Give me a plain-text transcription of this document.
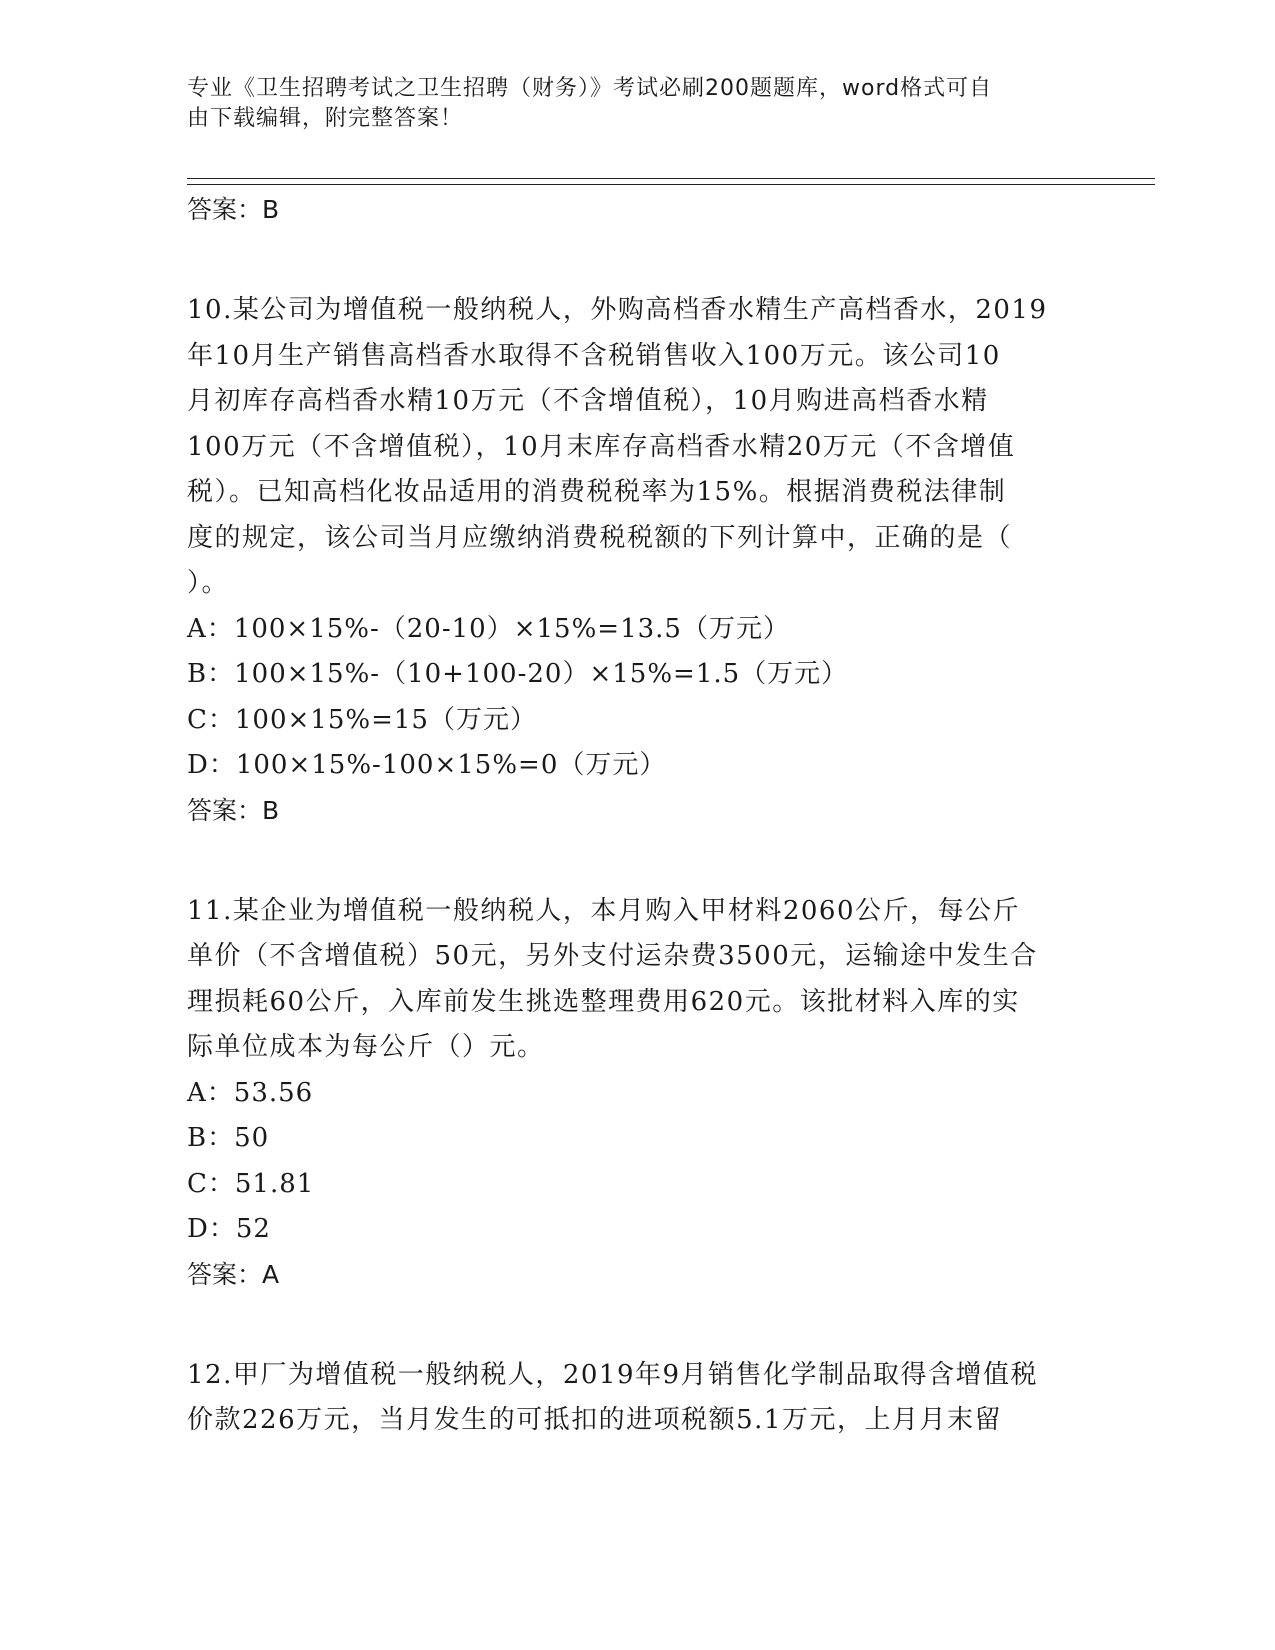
专业《卫生招聘考试之卫生招聘（财务）》考试必刷200题题库，word格式可自
由下载编辑，附完整答案！
答案：B
10.某公司为增值税一般纳税人，外购高档香水精生产高档香水，2019
年10月生产销售高档香水取得不含税销售收入100万元。该公司10
月初库存高档香水精10万元（不含增值税），10月购进高档香水精
100万元（不含增值税），10月末库存高档香水精20万元（不含增值
税）。已知高档化妆品适用的消费税税率为15%。根据消费税法律制
度的规定，该公司当月应缴纳消费税税额的下列计算中，正确的是（
）。
A：100×15%-（20-10）×15%=13.5（万元）
B：100×15%-（10+100-20）×15%=1.5（万元）
C：100×15%=15（万元）
D：100×15%-100×15%=0（万元）
答案：B
11.某企业为增值税一般纳税人，本月购入甲材料2060公斤，每公斤
单价（不含增值税）50元，另外支付运杂费3500元，运输途中发生合
理损耗60公斤，入库前发生挑选整理费用620元。该批材料入库的实
际单位成本为每公斤（）元。
A：53.56
B：50
C：51.81
D：52
答案：A
12.甲厂为增值税一般纳税人，2019年9月销售化学制品取得含增值税
价款226万元，当月发生的可抵扣的进项税额5.1万元，上月月末留
